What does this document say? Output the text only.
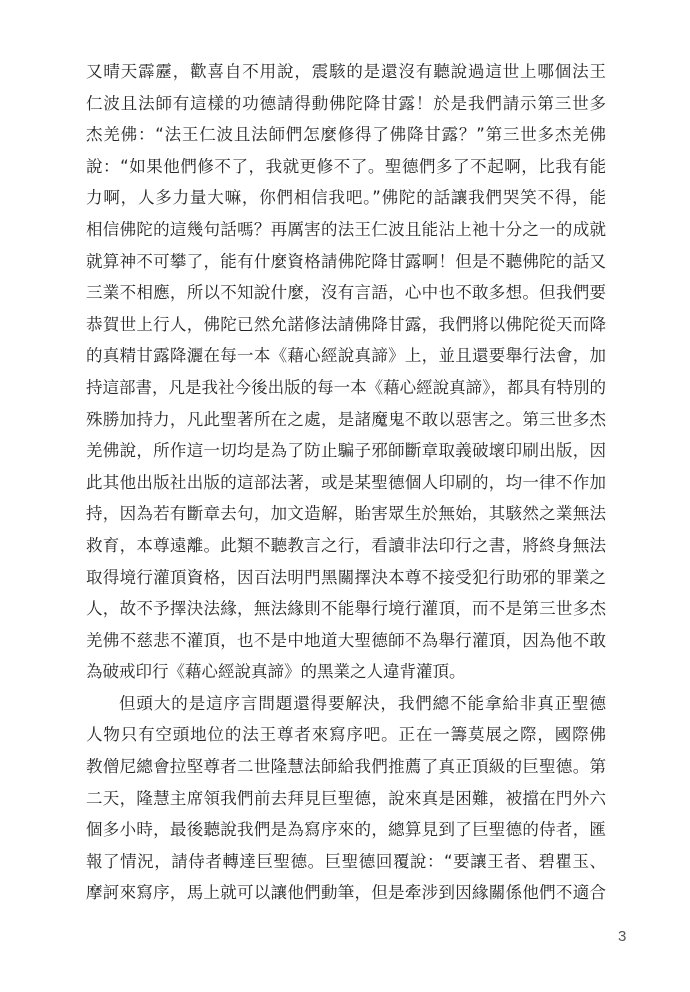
又晴天霹靂，歡喜自不用說，震駭的是還沒有聽說過這世上哪個法王
仁波且法師有這樣的功德請得動佛陀降甘露！於是我們請示第三世多
杰羌佛：“法王仁波且法師們怎麼修得了佛降甘露？”第三世多杰羌佛
說：“如果他們修不了，我就更修不了。聖德們多了不起啊，比我有能
力啊，人多力量大嘛，你們相信我吧。”佛陀的話讓我們哭笑不得，能
相信佛陀的這幾句話嗎？再厲害的法王仁波且能沾上祂十分之一的成就
就算神不可攀了，能有什麼資格請佛陀降甘露啊！但是不聽佛陀的話又
三業不相應，所以不知說什麼，沒有言語，心中也不敢多想。但我們要
恭賀世上行人，佛陀已然允諾修法請佛降甘露，我們將以佛陀從天而降
的真精甘露降灑在每一本《藉心經說真諦》上，並且還要舉行法會，加
持這部書，凡是我社今後出版的每一本《藉心經說真諦》，都具有特別的
殊勝加持力，凡此聖著所在之處，是諸魔鬼不敢以惡害之。第三世多杰
羌佛說，所作這一切均是為了防止騙子邪師斷章取義破壞印刷出版，因
此其他出版社出版的這部法著，或是某聖德個人印刷的，均一律不作加
持，因為若有斷章去句，加文造解，貽害眾生於無始，其駭然之業無法
救育，本尊遠離。此類不聽教言之行，看讀非法印行之書，將終身無法
取得境行灌頂資格，因百法明門黑關擇決本尊不接受犯行助邪的罪業之
人，故不予擇決法緣，無法緣則不能舉行境行灌頂，而不是第三世多杰
羌佛不慈悲不灌頂，也不是中地道大聖德師不為舉行灌頂，因為他不敢
為破戒印行《藉心經說真諦》的黑業之人違背灌頂。
但頭大的是這序言問題還得要解決，我們總不能拿給非真正聖德
人物只有空頭地位的法王尊者來寫序吧。正在一籌莫展之際，國際佛
教僧尼總會拉堅尊者二世隆慧法師給我們推薦了真正頂級的巨聖德。第
二天，隆慧主席領我們前去拜見巨聖德，說來真是困難，被擋在門外六
個多小時，最後聽說我們是為寫序來的，總算見到了巨聖德的侍者，匯
報了情況，請侍者轉達巨聖德。巨聖德回覆說：“要讓王者、碧瞿玉、
摩訶來寫序，馬上就可以讓他們動筆，但是牽涉到因緣關係他們不適合
3
